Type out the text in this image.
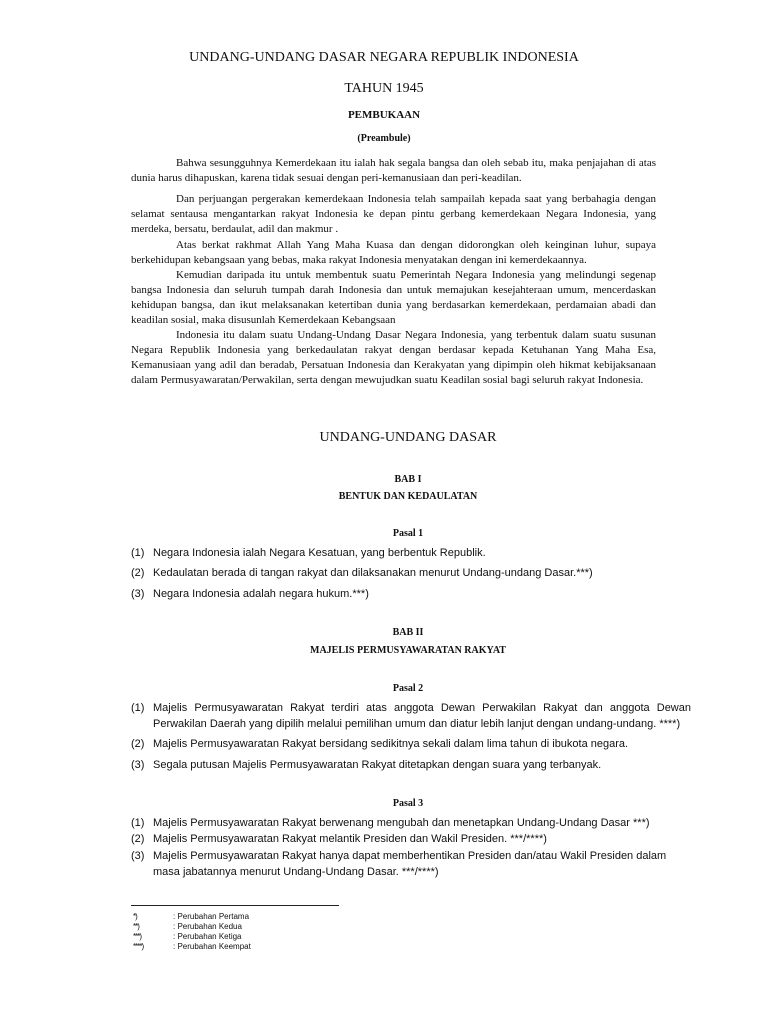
UNDANG-UNDANG DASAR NEGARA REPUBLIK INDONESIA
TAHUN 1945
PEMBUKAAN
(Preambule)

Bahwa sesungguhnya Kemerdekaan itu ialah hak segala bangsa dan oleh sebab itu, maka penjajahan di atas dunia harus dihapuskan, karena tidak sesuai dengan peri-kemanusiaan dan peri-keadilan.

Dan perjuangan pergerakan kemerdekaan Indonesia telah sampailah kepada saat yang berbahagia dengan selamat sentausa mengantarkan rakyat Indonesia ke depan pintu gerbang kemerdekaan Negara Indonesia, yang merdeka, bersatu, berdaulat, adil dan makmur .

Atas berkat rakhmat Allah Yang Maha Kuasa dan dengan didorongkan oleh keinginan luhur, supaya berkehidupan kebangsaan yang bebas, maka rakyat Indonesia menyatakan dengan ini kemerdekaannya.

Kemudian daripada itu untuk membentuk suatu Pemerintah Negara Indonesia yang melindungi segenap bangsa Indonesia dan seluruh tumpah darah Indonesia dan untuk memajukan kesejahteraan umum, mencerdaskan kehidupan bangsa, dan ikut melaksanakan ketertiban dunia yang berdasarkan kemerdekaan, perdamaian abadi dan keadilan sosial, maka disusunlah Kemerdekaan Kebangsaan

Indonesia itu dalam suatu Undang-Undang Dasar Negara Indonesia, yang terbentuk dalam suatu susunan Negara Republik Indonesia yang berkedaulatan rakyat dengan berdasar kepada Ketuhanan Yang Maha Esa, Kemanusiaan yang adil dan beradab, Persatuan Indonesia dan Kerakyatan yang dipimpin oleh hikmat kebijaksanaan dalam Permusyawaratan/Perwakilan, serta dengan mewujudkan suatu Keadilan sosial bagi seluruh rakyat Indonesia.

UNDANG-UNDANG DASAR
BAB I
BENTUK DAN KEDAULATAN
Pasal 1
(1) Negara Indonesia ialah Negara Kesatuan, yang berbentuk Republik.
(2) Kedaulatan berada di tangan rakyat dan dilaksanakan menurut Undang-undang Dasar.***)
(3) Negara Indonesia adalah negara hukum.***)
BAB II
MAJELIS PERMUSYAWARATAN RAKYAT
Pasal 2
(1) Majelis Permusyawaratan Rakyat terdiri atas anggota Dewan Perwakilan Rakyat dan anggota Dewan Perwakilan Daerah yang dipilih melalui pemilihan umum dan diatur lebih lanjut dengan undang-undang. ****)
(2) Majelis Permusyawaratan Rakyat bersidang sedikitnya sekali dalam lima tahun di ibukota negara.
(3) Segala putusan Majelis Permusyawaratan Rakyat ditetapkan dengan suara yang terbanyak.
Pasal 3
(1) Majelis Permusyawaratan Rakyat berwenang mengubah dan menetapkan Undang-Undang Dasar ***)
(2) Majelis Permusyawaratan Rakyat melantik Presiden dan Wakil Presiden. ***/****)
(3) Majelis Permusyawaratan Rakyat hanya dapat memberhentikan Presiden dan/atau Wakil Presiden dalam masa jabatannya menurut Undang-Undang Dasar. ***/****)
*)	: Perubahan Pertama
**)	: Perubahan Kedua
***)	: Perubahan Ketiga
****)	: Perubahan Keempat
